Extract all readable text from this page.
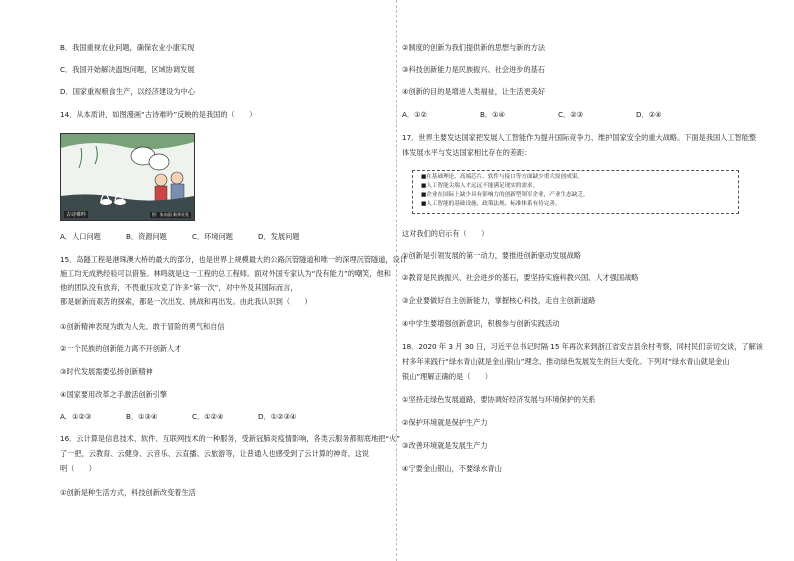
B．我国重视农业问题，确保农业小康实现
C．我国开始解决温饱问题，区域协调发展
D．国家重视粮食生产，以经济建设为中心
14．从本质讲，如图漫画“古诗难吟”反映的是我国的（　　）
古诗难吟	图：朱向国 新华社发
A．人口问题	B．资源问题	C．环境问题	D．发展问题
15．岛隧工程是港珠澳大桥的最大的部分，也是世界上规模最大的公路沉管隧道和唯一的深埋沉管隧道，设计
施工均无成熟经验可以借鉴。林鸣就是这一工程的总工程师。面对外国专家认为“没有能力”的嘲笑，他和
他的团队没有放弃，不畏重压攻克了许多“第一次”，对中外及其国际而言，
都是崭新而艰苦的探索，都是一次出发、挑战和再出发。由此我认识到（　　）
①创新精神表现为敢为人先、敢于冒险的勇气和自信
②一个民族的创新能力离不开创新人才
③时代发展需要弘扬创新精神
④国家要用改革之手激活创新引擎
A．①②③	B．①③④	C．①②④	D．①②③④
16．云计算是信息技术、软件、互联网技术的一种服务，受新冠肺炎疫情影响，各类云服务都彻底地把“火”
了一把，云教育、云健身、云音乐、云直播、云旅游等，让普通人也感受到了云计算的神奇。这说
明（　　）
①创新是种生活方式，科技创新改变着生活
②制度的创新为我们提供新的思想与新的方法
③科技创新能力是民族振兴、社会进步的基石
④创新的目的是增进人类福祉，让生活更美好
A．①②	B．①④	C．②③	D．②④
17．世界主要发达国家把发展人工智能作为提升国际竞争力、维护国家安全的重大战略。下面是我国人工智能整
体发展水平与发达国家相比存在的差距：
■在基础理论、高端芯片、软件与接口等方面缺少重大原创成果。
■人工智能尖端人才远远不能满足现实的需求。
■企业在国际上缺少具有影响力的创新型领军企业，产业生态缺乏。
■人工智能的基础设施、政策法规、标准体系有待完善。
这对我们的启示有（　　）
①创新是引领发展的第一动力，要推进创新驱动发展战略
②教育是民族振兴、社会进步的基石，要坚持实施科教兴国、人才强国战略
③企业要做好自主创新能力，掌握核心科技，走自主创新道路
④中学生要增强创新意识，积极参与创新实践活动
18．2020 年 3 月 30 日，习近平总书记时隔 15 年再次来到浙江省安吉县余村考察，同村民们亲切交谈，了解该
村多年来践行“绿水青山就是金山银山”理念、推动绿色发展发生的巨大变化。下列对“绿水青山就是金山
银山”理解正确的是（　　）
①坚持走绿色发展道路，要协调好经济发展与环境保护的关系
②保护环境就是保护生产力
③改善环境就是发展生产力
④宁要金山银山，不要绿水青山
